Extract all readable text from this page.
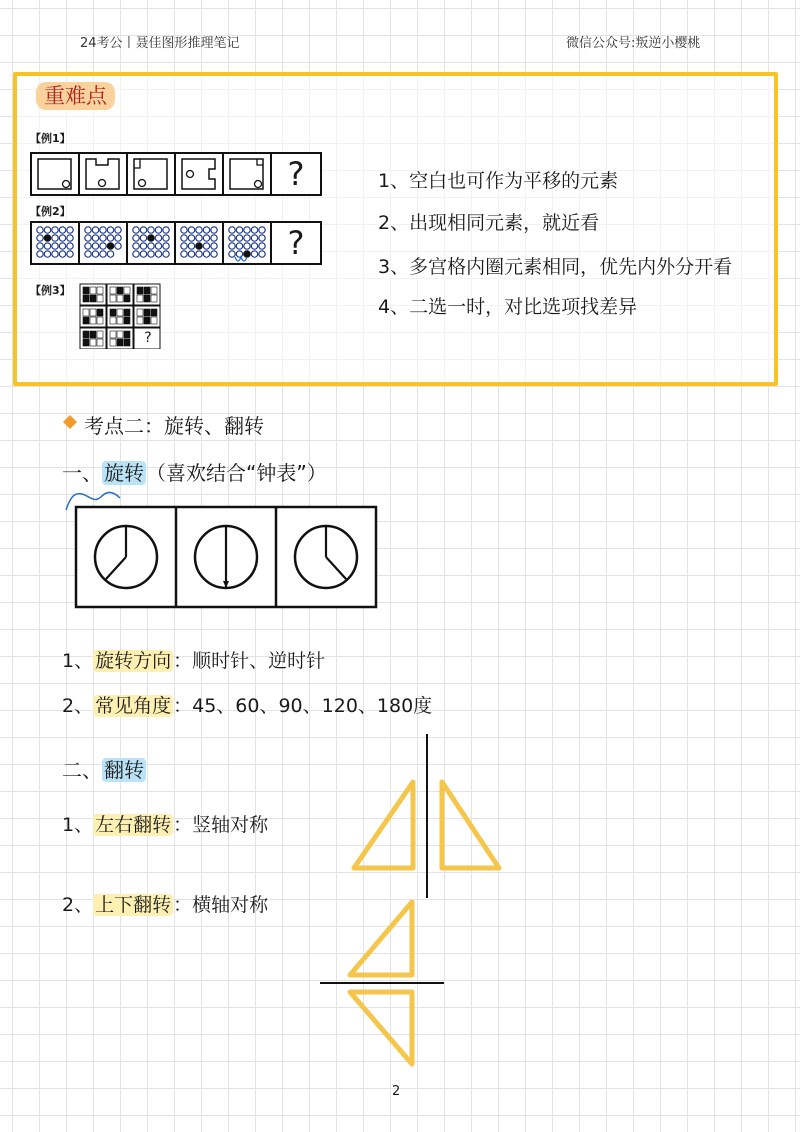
24考公丨聂佳图形推理笔记	微信公众号:叛逆小樱桃
重难点
【例1】
?
【例2】
?
【例3】
?
1、空白也可作为平移的元素
2、出现相同元素，就近看
3、多宫格内圈元素相同，优先内外分开看
4、二选一时，对比选项找差异
考点二：旋转、翻转
一、 旋转 （喜欢结合“钟表”）
1、 旋转方向 ：顺时针、逆时针
2、 常见角度 ：45、60、90、120、180度
二、 翻转
1、 左右翻转 ：竖轴对称
2、 上下翻转 ：横轴对称
2
